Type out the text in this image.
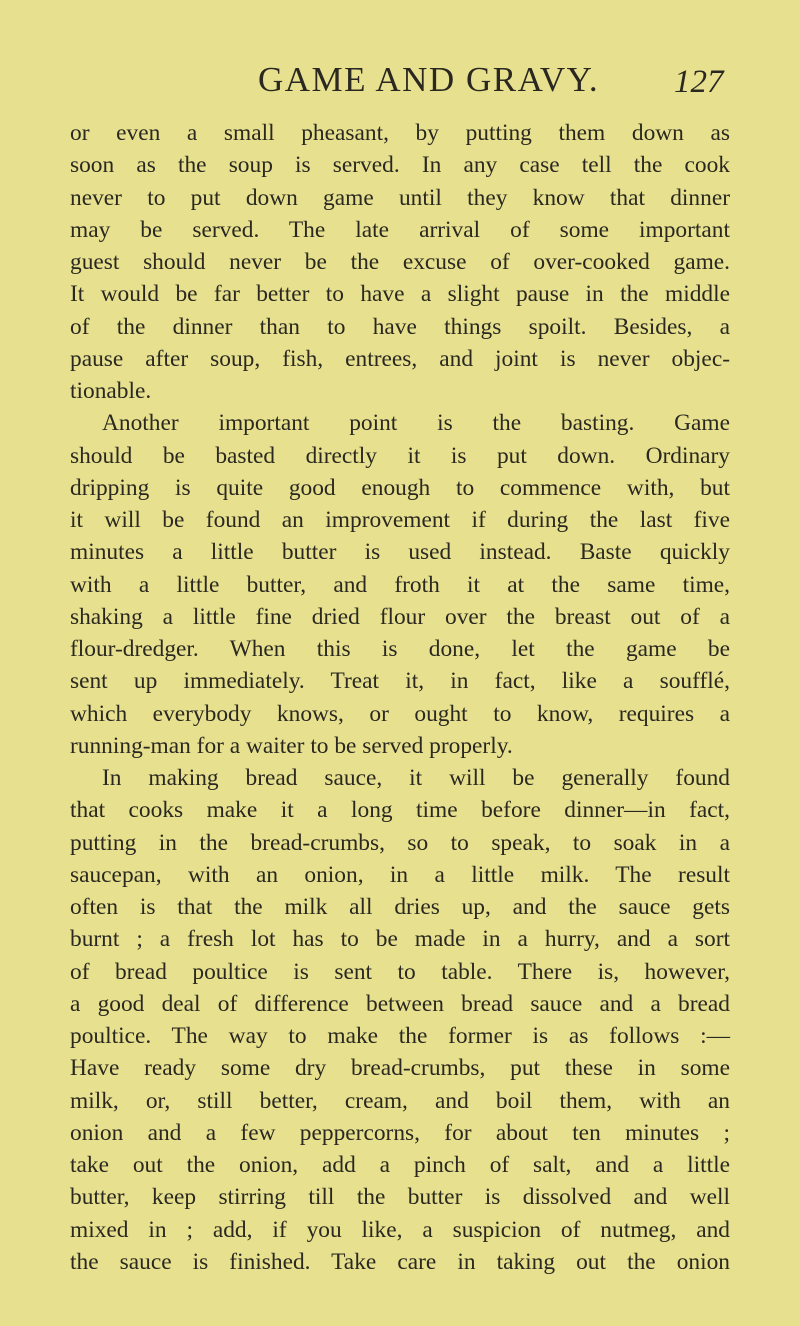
GAME AND GRAVY. 127
or even a small pheasant, by putting them down as
soon as the soup is served. In any case tell the cook
never to put down game until they know that dinner
may be served. The late arrival of some important
guest should never be the excuse of over-cooked game.
It would be far better to have a slight pause in the middle
of the dinner than to have things spoilt. Besides, a
pause after soup, fish, entrees, and joint is never objec-
tionable.
Another important point is the basting. Game
should be basted directly it is put down. Ordinary
dripping is quite good enough to commence with, but
it will be found an improvement if during the last five
minutes a little butter is used instead. Baste quickly
with a little butter, and froth it at the same time,
shaking a little fine dried flour over the breast out of a
flour-dredger. When this is done, let the game be
sent up immediately. Treat it, in fact, like a soufflé,
which everybody knows, or ought to know, requires a
running-man for a waiter to be served properly.
In making bread sauce, it will be generally found
that cooks make it a long time before dinner—in fact,
putting in the bread-crumbs, so to speak, to soak in a
saucepan, with an onion, in a little milk. The result
often is that the milk all dries up, and the sauce gets
burnt ; a fresh lot has to be made in a hurry, and a sort
of bread poultice is sent to table. There is, however,
a good deal of difference between bread sauce and a bread
poultice. The way to make the former is as follows :—
Have ready some dry bread-crumbs, put these in some
milk, or, still better, cream, and boil them, with an
onion and a few peppercorns, for about ten minutes ;
take out the onion, add a pinch of salt, and a little
butter, keep stirring till the butter is dissolved and well
mixed in ; add, if you like, a suspicion of nutmeg, and
the sauce is finished. Take care in taking out the onion
